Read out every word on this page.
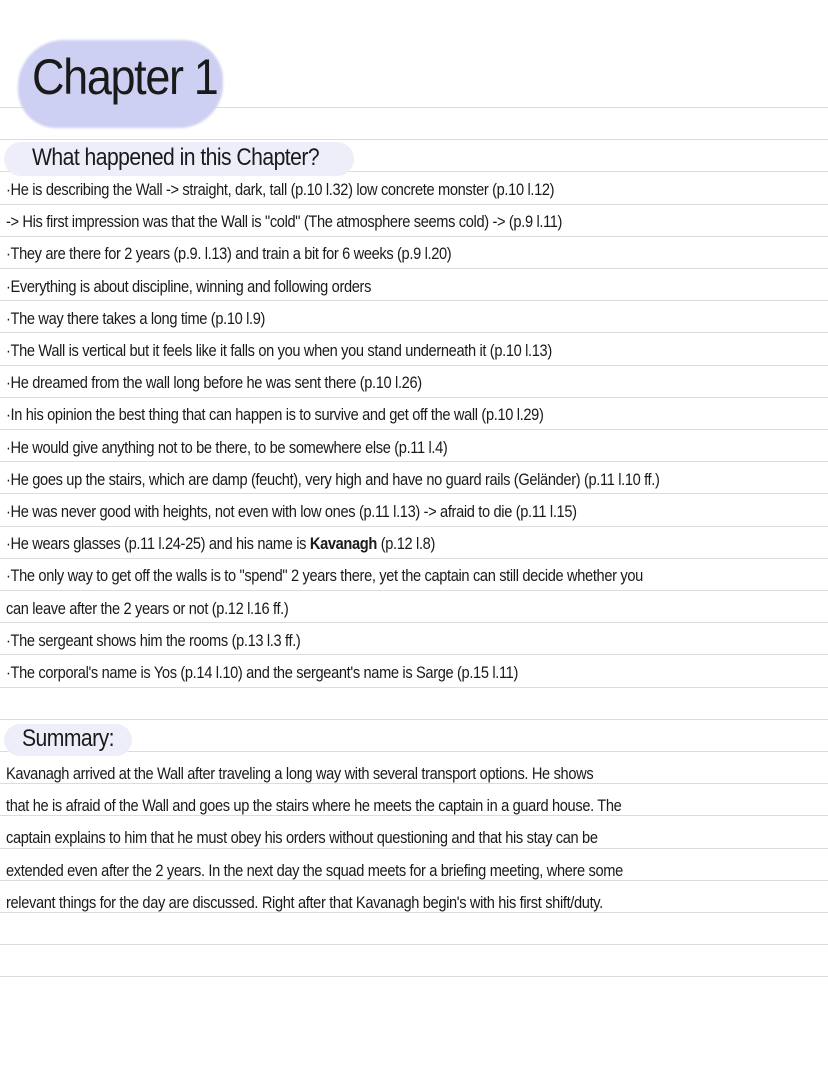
Chapter 1
What happened in this Chapter?
·He is describing the Wall -> straight, dark, tall (p.10 l.32) low concrete monster (p.10 l.12)
-> His first impression was that the Wall is "cold" (The atmosphere seems cold) -> (p.9 l.11)
·They are there for 2 years (p.9. l.13) and train a bit for 6 weeks (p.9 l.20)
·Everything is about discipline, winning and following orders
·The way there takes a long time (p.10 l.9)
·The Wall is vertical but it feels like it falls on you when you stand underneath it (p.10 l.13)
·He dreamed from the wall long before he was sent there (p.10 l.26)
·In his opinion the best thing that can happen is to survive and get off the wall (p.10 l.29)
·He would give anything not to be there, to be somewhere else (p.11 l.4)
·He goes up the stairs, which are damp (feucht), very high and have no guard rails (Geländer) (p.11 l.10 ff.)
·He was never good with heights, not even with low ones (p.11 l.13) -> afraid to die (p.11 l.15)
·He wears glasses (p.11 l.24-25) and his name is Kavanagh (p.12 l.8)
·The only way to get off the walls is to "spend" 2 years there, yet the captain can still decide whether you
can leave after the 2 years or not (p.12 l.16 ff.)
·The sergeant shows him the rooms (p.13 l.3 ff.)
·The corporal's name is Yos (p.14 l.10) and the sergeant's name is Sarge (p.15 l.11)
Summary:
Kavanagh arrived at the Wall after traveling a long way with several transport options. He shows
that he is afraid of the Wall and goes up the stairs where he meets the captain in a guard house. The
captain explains to him that he must obey his orders without questioning and that his stay can be
extended even after the 2 years. In the next day the squad meets for a briefing meeting, where some
relevant things for the day are discussed. Right after that Kavanagh begin's with his first shift/duty.
